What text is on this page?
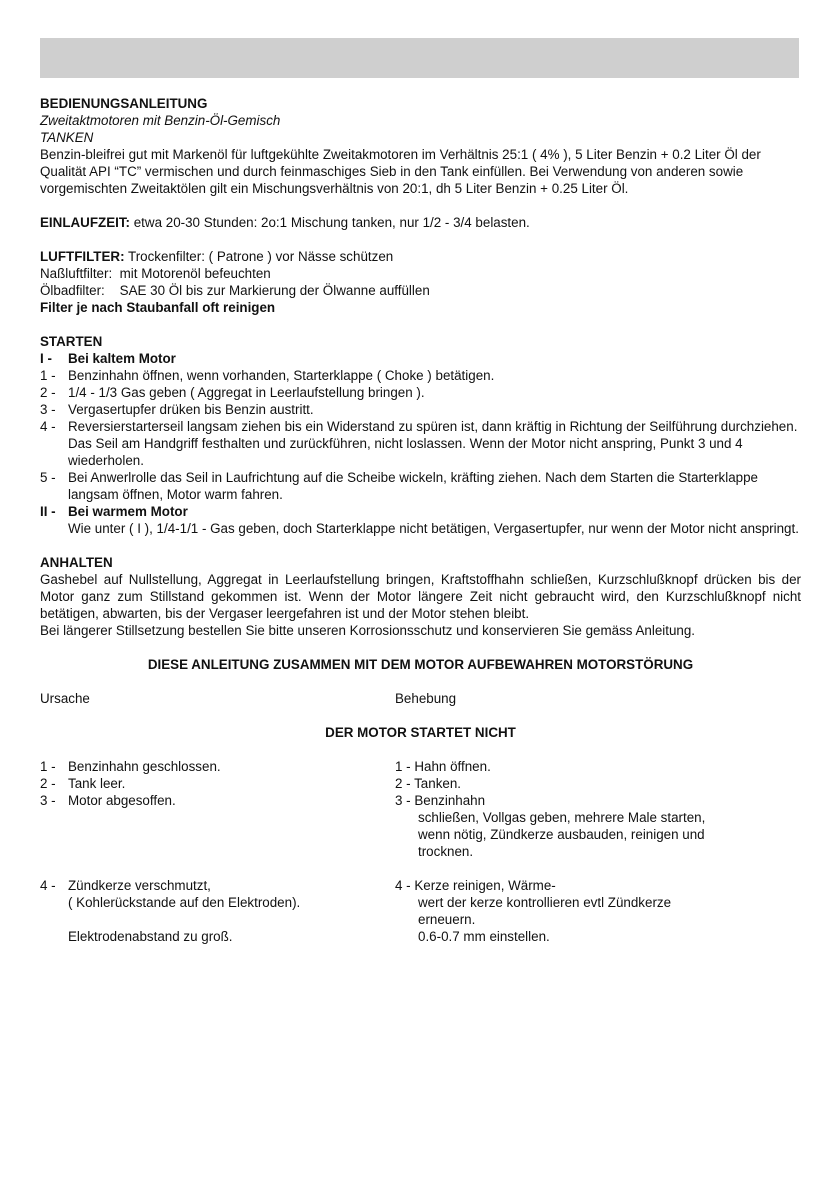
BEDIENUNGSANLEITUNG
Zweitaktmotoren mit Benzin-Öl-Gemisch
TANKEN
Benzin-bleifrei gut mit Markenöl für luftgekühlte Zweitakmotoren im Verhältnis 25:1 ( 4% ), 5 Liter Benzin + 0.2 Liter Öl der Qualität API “TC” vermischen und durch feinmaschiges Sieb in den Tank einfüllen. Bei Verwendung von anderen sowie vorgemischten Zweitaktölen gilt ein Mischungsverhältnis von 20:1, dh 5 Liter Benzin + 0.25 Liter Öl.
EINLAUFZEIT: etwa 20-30 Stunden: 2o:1 Mischung tanken, nur 1/2 - 3/4 belasten.
LUFTFILTER: Trockenfilter: ( Patrone ) vor Nässe schützen
Naßluftfilter:  mit Motorenöl befeuchten
Ölbadfilter:    SAE 30 Öl bis zur Markierung der Ölwanne auffüllen
Filter je nach Staubanfall oft reinigen
STARTEN
I -	Bei kaltem Motor
1 - Benzinhahn öffnen, wenn vorhanden, Starterklappe ( Choke ) betätigen.
2 - 1/4 - 1/3 Gas geben ( Aggregat in Leerlaufstellung bringen ).
3 - Vergasertupfer drüken bis Benzin austritt.
4 - Reversierstarterseil langsam ziehen bis ein Widerstand zu spüren ist, dann kräftig in Richtung der Seilführung durchziehen. Das Seil am Handgriff festhalten und zurückführen, nicht loslassen. Wenn der Motor nicht anspring, Punkt 3 und 4 wiederholen.
5 - Bei Anwerlrolle das Seil in Laufrichtung auf die Scheibe wickeln, kräfting ziehen. Nach dem Starten die Starterklappe langsam öffnen, Motor warm fahren.
II - Bei warmem Motor
Wie unter ( I ), 1/4-1/1 - Gas geben, doch Starterklappe nicht betätigen, Vergasertupfer, nur wenn der Motor nicht anspringt.
ANHALTEN
Gashebel auf Nullstellung, Aggregat in Leerlaufstellung bringen, Kraftstoffhahn schließen, Kurzschlußknopf drücken bis der Motor ganz zum Stillstand gekommen ist. Wenn der Motor längere Zeit nicht gebraucht wird, den Kurzschlußknopf nicht betätigen, abwarten, bis der Vergaser leergefahren ist und der Motor stehen bleibt.
Bei längerer Stillsetzung bestellen Sie bitte unseren Korrosionsschutz und konservieren Sie gemäss Anleitung.
DIESE ANLEITUNG ZUSAMMEN MIT DEM MOTOR AUFBEWAHREN MOTORSTÖRUNG
Ursache	Behebung
DER MOTOR STARTET NICHT
1 - Benzinhahn geschlossen.
2 - Tank leer.
3 - Motor abgesoffen.
1 - Hahn öffnen.
2 - Tanken.
3 - Benzinhahn
schließen, Vollgas geben, mehrere Male starten, wenn nötig, Zündkerze ausbauden, reinigen und trocknen.
4 - Zündkerze verschmutzt,
( Kohlerückstande auf den Elektroden).
Elektrodenabstand zu groß.
4 - Kerze reinigen, Wärme-
wert der kerze kontrollieren evtl Zündkerze erneuern.
0.6-0.7 mm einstellen.
